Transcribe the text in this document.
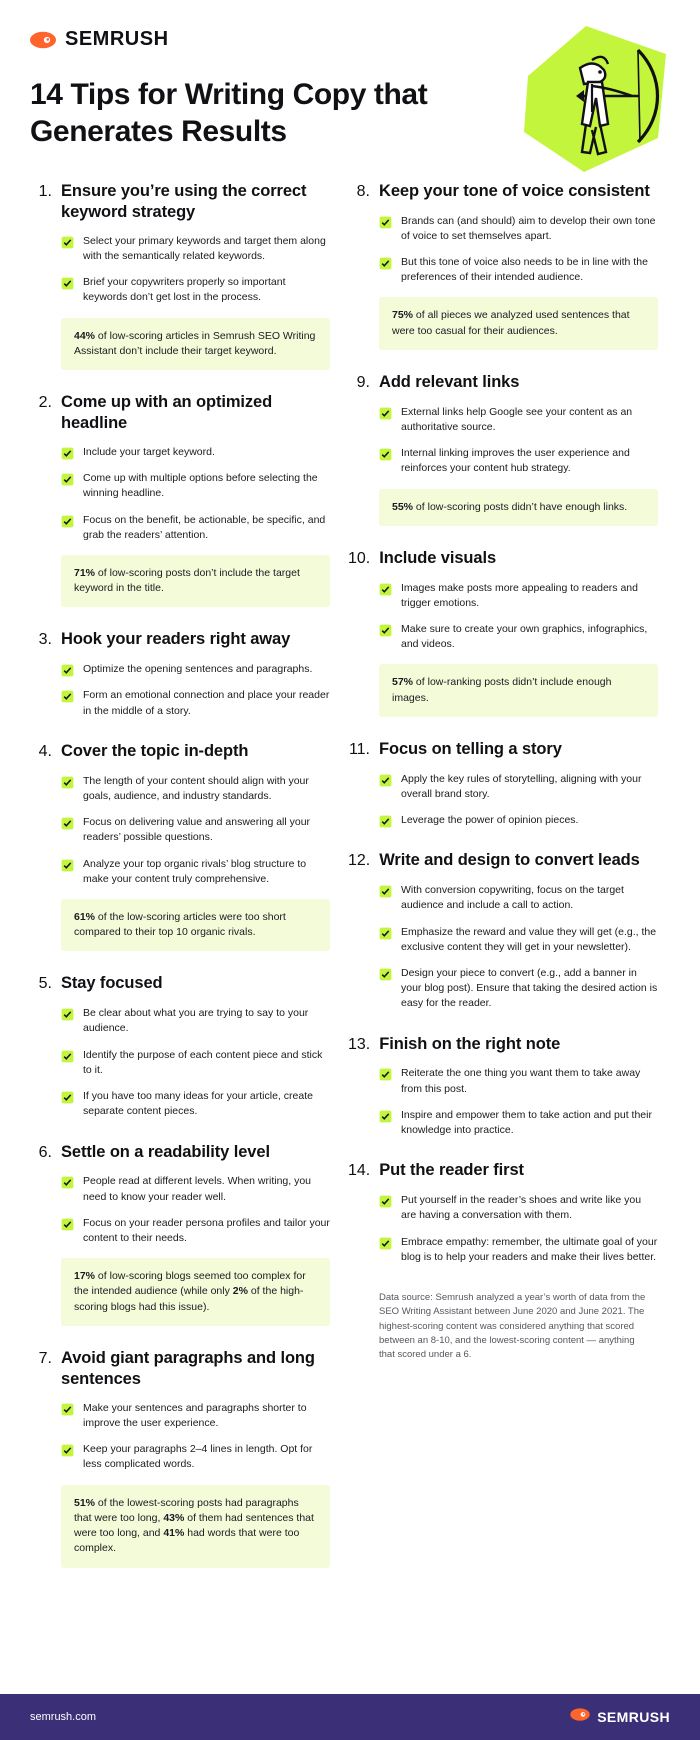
SEMRUSH
14 Tips for Writing Copy that Generates Results
1. Ensure you’re using the correct keyword strategy
Select your primary keywords and target them along with the semantically related keywords.
Brief your copywriters properly so important keywords don’t get lost in the process.
44% of low-scoring articles in Semrush SEO Writing Assistant don’t include their target keyword.
2. Come up with an optimized headline
Include your target keyword.
Come up with multiple options before selecting the winning headline.
Focus on the benefit, be actionable, be specific, and grab the readers’ attention.
71% of low-scoring posts don’t include the target keyword in the title.
3. Hook your readers right away
Optimize the opening sentences and paragraphs.
Form an emotional connection and place your reader in the middle of a story.
4. Cover the topic in-depth
The length of your content should align with your goals, audience, and industry standards.
Focus on delivering value and answering all your readers’ possible questions.
Analyze your top organic rivals’ blog structure to make your content truly comprehensive.
61% of the low-scoring articles were too short compared to their top 10 organic rivals.
5. Stay focused
Be clear about what you are trying to say to your audience.
Identify the purpose of each content piece and stick to it.
If you have too many ideas for your article, create separate content pieces.
6. Settle on a readability level
People read at different levels. When writing, you need to know your reader well.
Focus on your reader persona profiles and tailor your content to their needs.
17% of low-scoring blogs seemed too complex for the intended audience (while only 2% of the high-scoring blogs had this issue).
7. Avoid giant paragraphs and long sentences
Make your sentences and paragraphs shorter to improve the user experience.
Keep your paragraphs 2–4 lines in length. Opt for less complicated words.
51% of the lowest-scoring posts had paragraphs that were too long, 43% of them had sentences that were too long, and 41% had words that were too complex.
8. Keep your tone of voice consistent
Brands can (and should) aim to develop their own tone of voice to set themselves apart.
But this tone of voice also needs to be in line with the preferences of their intended audience.
75% of all pieces we analyzed used sentences that were too casual for their audiences.
9. Add relevant links
External links help Google see your content as an authoritative source.
Internal linking improves the user experience and reinforces your content hub strategy.
55% of low-scoring posts didn’t have enough links.
10. Include visuals
Images make posts more appealing to readers and trigger emotions.
Make sure to create your own graphics, infographics, and videos.
57% of low-ranking posts didn’t include enough images.
11. Focus on telling a story
Apply the key rules of storytelling, aligning with your overall brand story.
Leverage the power of opinion pieces.
12. Write and design to convert leads
With conversion copywriting, focus on the target audience and include a call to action.
Emphasize the reward and value they will get (e.g., the exclusive content they will get in your newsletter).
Design your piece to convert (e.g., add a banner in your blog post). Ensure that taking the desired action is easy for the reader.
13. Finish on the right note
Reiterate the one thing you want them to take away from this post.
Inspire and empower them to take action and put their knowledge into practice.
14. Put the reader first
Put yourself in the reader’s shoes and write like you are having a conversation with them.
Embrace empathy: remember, the ultimate goal of your blog is to help your readers and make their lives better.
Data source: Semrush analyzed a year’s worth of data from the SEO Writing Assistant between June 2020 and June 2021. The highest-scoring content was considered anything that scored between an 8-10, and the lowest-scoring content — anything that scored under a 6.
semrush.com	SEMRUSH
